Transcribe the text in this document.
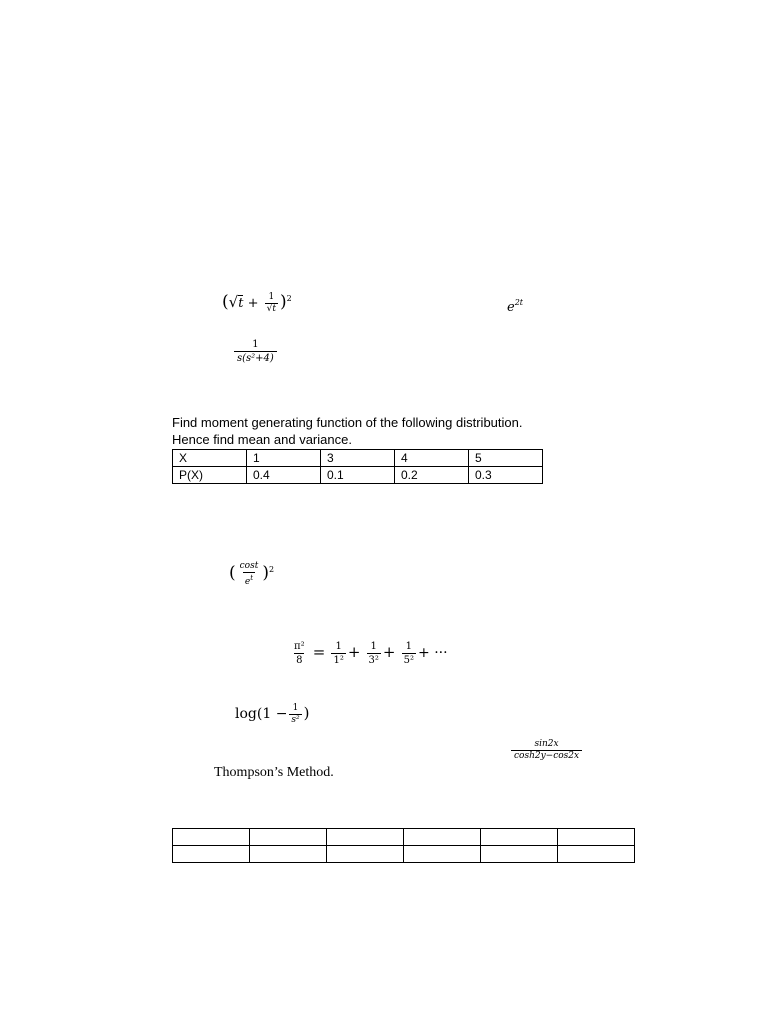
$(√t + \frac{1}{√t} )^2$
$e^{2t}$
$\frac{1}{\text{s(s²+4)}}$
Find moment generating function of the following distribution.
Hence find mean and variance.
X	1	3	4	5
P(X)	0.4	0.1	0.2	0.3
( $\frac{\cos t}{e^t} )^2$
$\frac{\text{π²}}{8} = \frac{1}{\text{1²}} + \frac{1}{\text{3²}} + \frac{1}{\text{5²}}$ + ···
$\log(1 - \frac{1}{\text{s²}}$ )
$\frac{\sin 2x}{\cosh 2y-\cos 2x}$
Thompson’s Method.
